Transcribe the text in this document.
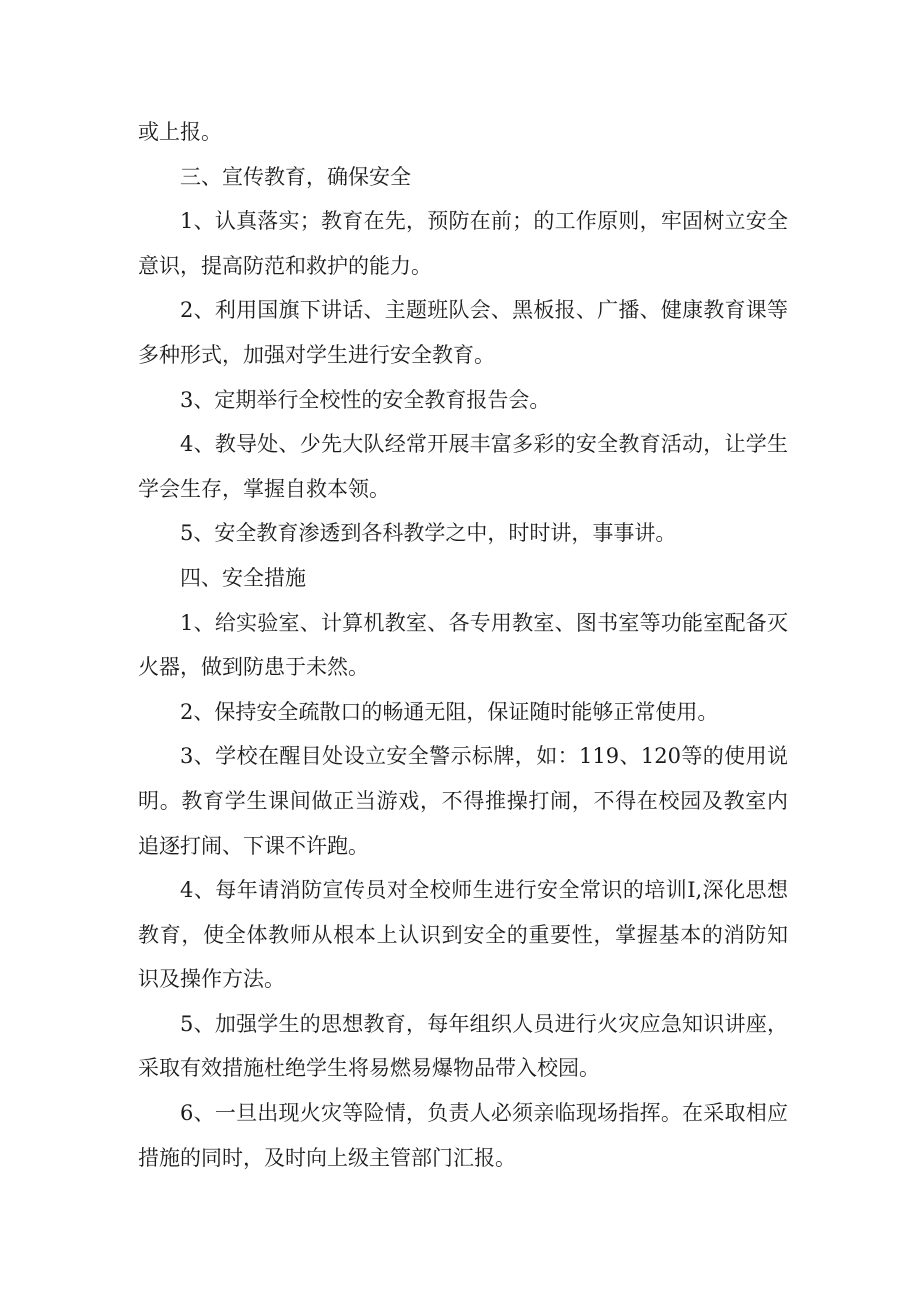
或上报。

三、宣传教育，确保安全

1、认真落实；教育在先，预防在前；的工作原则，牢固树立安全意识，提高防范和救护的能力。

2、利用国旗下讲话、主题班队会、黑板报、广播、健康教育课等多种形式，加强对学生进行安全教育。

3、定期举行全校性的安全教育报告会。

4、教导处、少先大队经常开展丰富多彩的安全教育活动，让学生学会生存，掌握自救本领。

5、安全教育渗透到各科教学之中，时时讲，事事讲。

四、安全措施

1、给实验室、计算机教室、各专用教室、图书室等功能室配备灭火器，做到防患于未然。

2、保持安全疏散口的畅通无阻，保证随时能够正常使用。

3、学校在醒目处设立安全警示标牌，如：119、120等的使用说明。教育学生课间做正当游戏，不得推操打闹，不得在校园及教室内追逐打闹、下课不许跑。

4、每年请消防宣传员对全校师生进行安全常识的培训I,深化思想教育，使全体教师从根本上认识到安全的重要性，掌握基本的消防知识及操作方法。

5、加强学生的思想教育，每年组织人员进行火灾应急知识讲座，采取有效措施杜绝学生将易燃易爆物品带入校园。

6、一旦出现火灾等险情，负责人必须亲临现场指挥。在采取相应措施的同时，及时向上级主管部门汇报。
